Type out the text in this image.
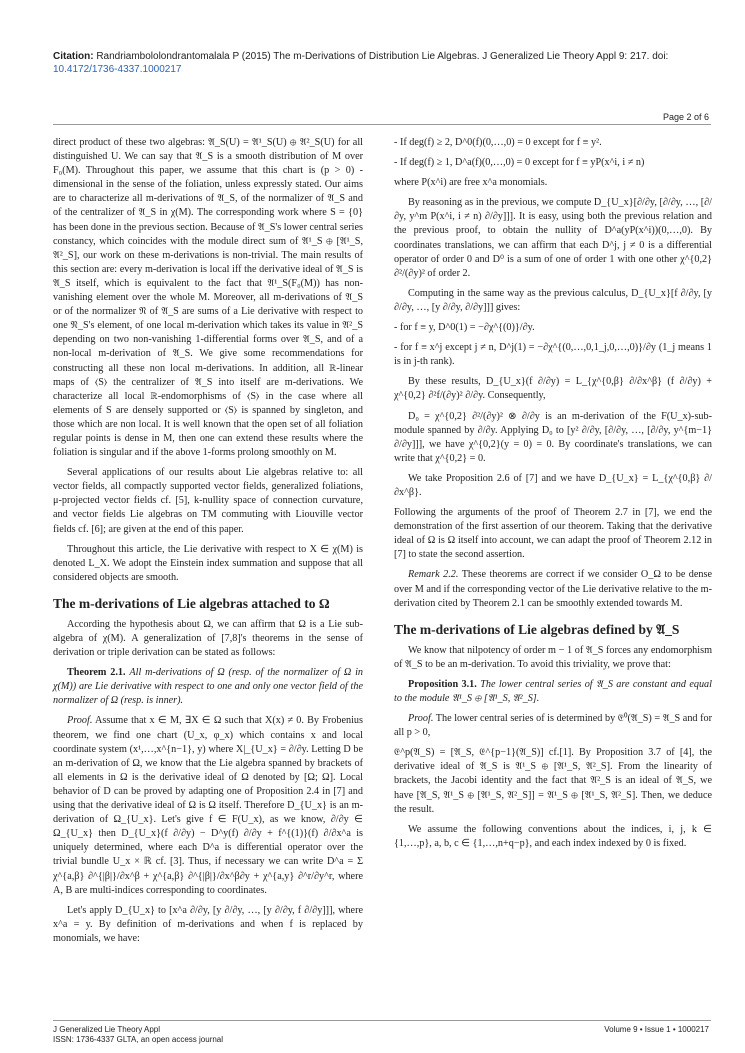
Citation: Randriambololondrantomalala P (2015) The m-Derivations of Distribution Lie Algebras. J Generalized Lie Theory Appl 9: 217. doi: 10.4172/1736-4337.1000217
Page 2 of 6

direct product of these two algebras: 𝔄_S(U) = 𝔄¹_S(U) ⊕ 𝔄²_S(U) for all distinguished U. We can say that 𝔄_S is a smooth distribution of M over F₀(M). Throughout this paper, we assume that this chart is (p > 0) -dimensional in the sense of the foliation, unless expressly stated. Our aims are to characterize all m-derivations of 𝔄_S, of the normalizer of 𝔄_S and of the centralizer of 𝔄_S in χ(M). The corresponding work where S = {0} has been done in the previous section. Because of 𝔄_S's lower central series constancy, which coincides with the module direct sum of 𝔄¹_S ⊕ [𝔄¹_S, 𝔄²_S], our work on these m-derivations is non-trivial. The main results of this section are: every m-derivation is local iff the derivative ideal of 𝔄_S is 𝔄_S itself, which is equivalent to the fact that 𝔄¹_S(F₀(M)) has non-vanishing element over the whole M. Moreover, all m-derivations of 𝔄_S or of the normalizer 𝔑 of 𝔄_S are sums of a Lie derivative with respect to one 𝔑_S's element, of one local m-derivation which takes its value in 𝔄²_S depending on two non-vanishing 1-differential forms over 𝔄_S, and of a non-local m-derivation of 𝔄_S. We give some recommendations for constructing all these non local m-derivations. In addition, all ℝ-linear maps of ⟨S⟩ the centralizer of 𝔄_S into itself are m-derivations. We characterize all local ℝ-endomorphisms of ⟨S⟩ in the case where all elements of S are densely supported or ⟨S⟩ is spanned by singleton, and those which are non local. It is well known that the open set of all foliation regular points is dense in M, then one can extend these results where the foliation is singular and if the above 1-forms prolong smoothly on M.

Several applications of our results about Lie algebras relative to: all vector fields, all compactly supported vector fields, generalized foliations, μ-projected vector fields cf. [5], k-nullity space of connection curvature, and vector fields Lie algebras on TM commuting with Liouville vector fields cf. [6]; are given at the end of this paper.

Throughout this article, the Lie derivative with respect to X ∈ χ(M) is denoted L_X. We adopt the Einstein index summation and suppose that all considered objects are smooth.

The m-derivations of Lie algebras attached to Ω

According the hypothesis about Ω, we can affirm that Ω is a Lie sub-algebra of χ(M). A generalization of [7,8]'s theorems in the sense of derivation or triple derivation can be stated as follows:

Theorem 2.1. All m-derivations of Ω (resp. of the normalizer of Ω in χ(M)) are Lie derivative with respect to one and only one vector field of the normalizer of Ω (resp. is inner).

Proof. Assume that x ∈ M, ∃X ∈ Ω such that X(x) ≠ 0. By Frobenius theorem, we find one chart (U_x, φ_x) which contains x and local coordinate system (x¹,…,x^{n−1}, y) where X|_{U_x} = ∂/∂y. Letting D be an m-derivation of Ω, we know that the Lie algebra spanned by brackets of all elements in Ω is the derivative ideal of Ω denoted by [Ω; Ω]. Local behavior of D can be proved by adapting one of Proposition 2.4 in [7] and using that the derivative ideal of Ω is Ω itself. Therefore D_{U_x} is an m-derivation of Ω_{U_x}. Let's give f ∈ F(U_x), as we know, ∂/∂y ∈ Ω_{U_x} then D_{U_x}(f ∂/∂y) − D^y(f) ∂/∂y + f^{(1)}(f) ∂/∂x^a is uniquely determined, where each D^a is differential operator over the trivial bundle U_x × ℝ cf. [3]. Thus, if necessary we can write D^a = Σ χ^{a,β} ∂^{|β|}/∂x^β + χ^{a,β} ∂^{|β|}/∂x^β∂y + χ^{a,y} ∂^r/∂y^r, where A, B are multi-indices corresponding to coordinates.

Let's apply D_{U_x} to [x^a ∂/∂y, [y ∂/∂y, …, [y ∂/∂y, f ∂/∂y]]], where x^a = y. By definition of m-derivations and when f is replaced by monomials, we have:

- If deg(f) ≥ 2, D^0(f)(0,…,0) = 0 except for f ≡ y².

- If deg(f) ≥ 1, D^a(f)(0,…,0) = 0 except for f ≡ yP(x^i, i ≠ n)

where P(x^i) are free x^a monomials.

By reasoning as in the previous, we compute D_{U_x}[∂/∂y, [∂/∂y, …, [∂/∂y, y^m P(x^i, i ≠ n) ∂/∂y]]]. It is easy, using both the previous relation and the previous proof, to obtain the nullity of D^a(yP(x^i))(0,…,0). By coordinates translations, we can affirm that each D^j, j ≠ 0 is a differential operator of order 0 and D⁰ is a sum of one of order 1 with one other χ^{0,2} ∂²/(∂y)² of order 2.

Computing in the same way as the previous calculus, D_{U_x}[f ∂/∂y, [y ∂/∂y, …, [y ∂/∂y, ∂/∂y]]] gives:

- for f ≡ y, D^0(1) = −∂χ^{(0)}/∂y.

- for f ≡ x^j except j ≠ n, D^j(1) = −∂χ^{(0,…,0,1_j,0,…,0)}/∂y (1_j means 1 is in j-th rank).

By these results, D_{U_x}(f ∂/∂y) = L_{χ^{0,β} ∂/∂x^β} (f ∂/∂y) + χ^{0,2} ∂²f/(∂y)² ∂/∂y. Consequently,

D₀ = χ^{0,2} ∂²/(∂y)² ⊗ ∂/∂y is an m-derivation of the F(U_x)-sub-module spanned by ∂/∂y. Applying D₀ to [y² ∂/∂y, [∂/∂y, …, [∂/∂y, y^{m−1} ∂/∂y]]], we have χ^{0,2}(y = 0) = 0. By coordinate's translations, we can write that χ^{0,2} = 0.

We take Proposition 2.6 of [7] and we have D_{U_x} = L_{χ^{0,β} ∂/∂x^β}.

Following the arguments of the proof of Theorem 2.7 in [7], we end the demonstration of the first assertion of our theorem. Taking that the derivative ideal of Ω is Ω itself into account, we can adapt the proof of Theorem 2.12 in [7] to state the second assertion.

Remark 2.2. These theorems are correct if we consider O_Ω to be dense over M and if the corresponding vector of the Lie derivative relative to the m-derivation cited by Theorem 2.1 can be smoothly extended towards M.

The m-derivations of Lie algebras defined by 𝔄_S

We know that nilpotency of order m − 1 of 𝔄_S forces any endomorphism of 𝔄_S to be an m-derivation. To avoid this triviality, we prove that:

Proposition 3.1. The lower central series of 𝔄_S are constant and equal to the module 𝔄¹_S ⊕ [𝔄¹_S, 𝔄²_S].

Proof. The lower central series of is determined by 𝔈⁰(𝔄_S) = 𝔄_S and for all p > 0,

𝔈^p(𝔄_S) = [𝔄_S, 𝔈^{p−1}(𝔄_S)] cf.[1]. By Proposition 3.7 of [4], the derivative ideal of 𝔄_S is 𝔄¹_S ⊕ [𝔄¹_S, 𝔄²_S]. From the linearity of brackets, the Jacobi identity and the fact that 𝔄²_S is an ideal of 𝔄_S, we have [𝔄_S, 𝔄¹_S ⊕ [𝔄¹_S, 𝔄²_S]] = 𝔄¹_S ⊕ [𝔄¹_S, 𝔄²_S]. Then, we deduce the result.

We assume the following conventions about the indices, i, j, k ∈ {1,…,p}, a, b, c ∈ {1,…,n+q−p}, and each index indexed by 0 is fixed.

J Generalized Lie Theory Appl
ISSN: 1736-4337 GLTA, an open access journal
Volume 9 • Issue 1 • 1000217
